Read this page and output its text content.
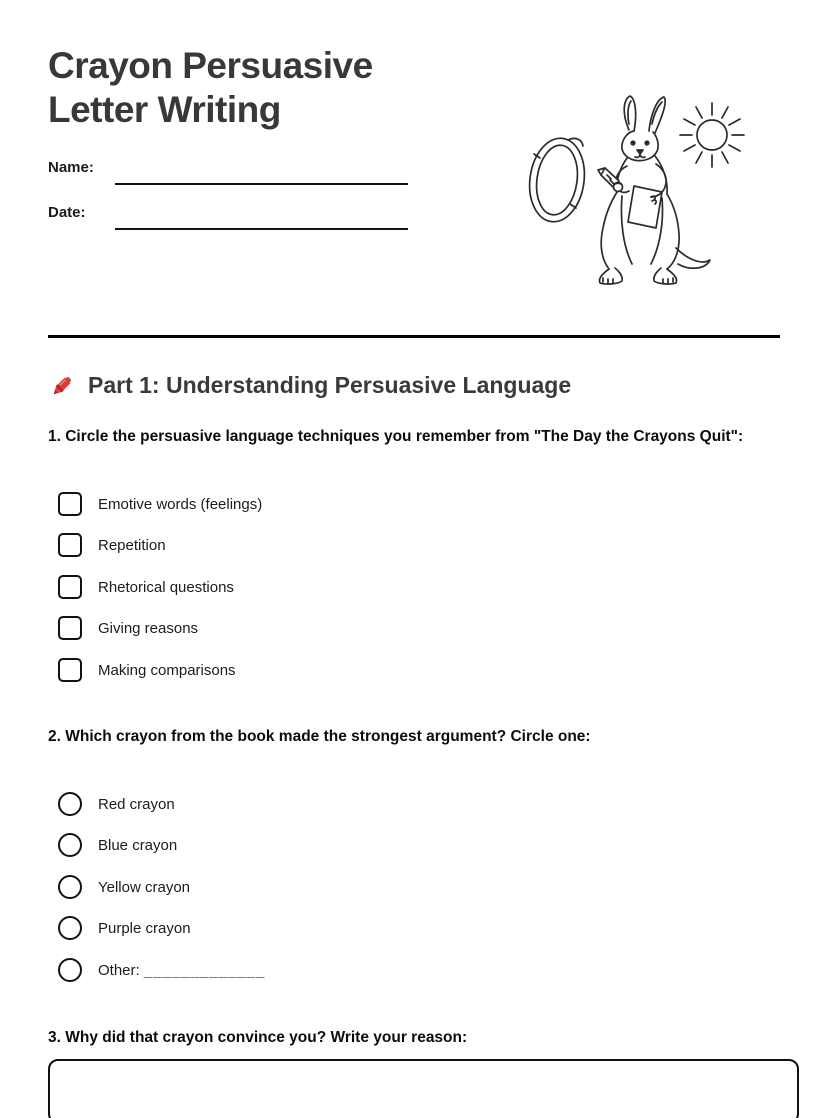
Crayon Persuasive
Letter Writing
Name:
Date:
Part 1: Understanding Persuasive Language
1. Circle the persuasive language techniques you remember from "The Day the Crayons Quit":
Emotive words (feelings)
Repetition
Rhetorical questions
Giving reasons
Making comparisons
2. Which crayon from the book made the strongest argument? Circle one:
Red crayon
Blue crayon
Yellow crayon
Purple crayon
Other: _____________
3. Why did that crayon convince you? Write your reason:
